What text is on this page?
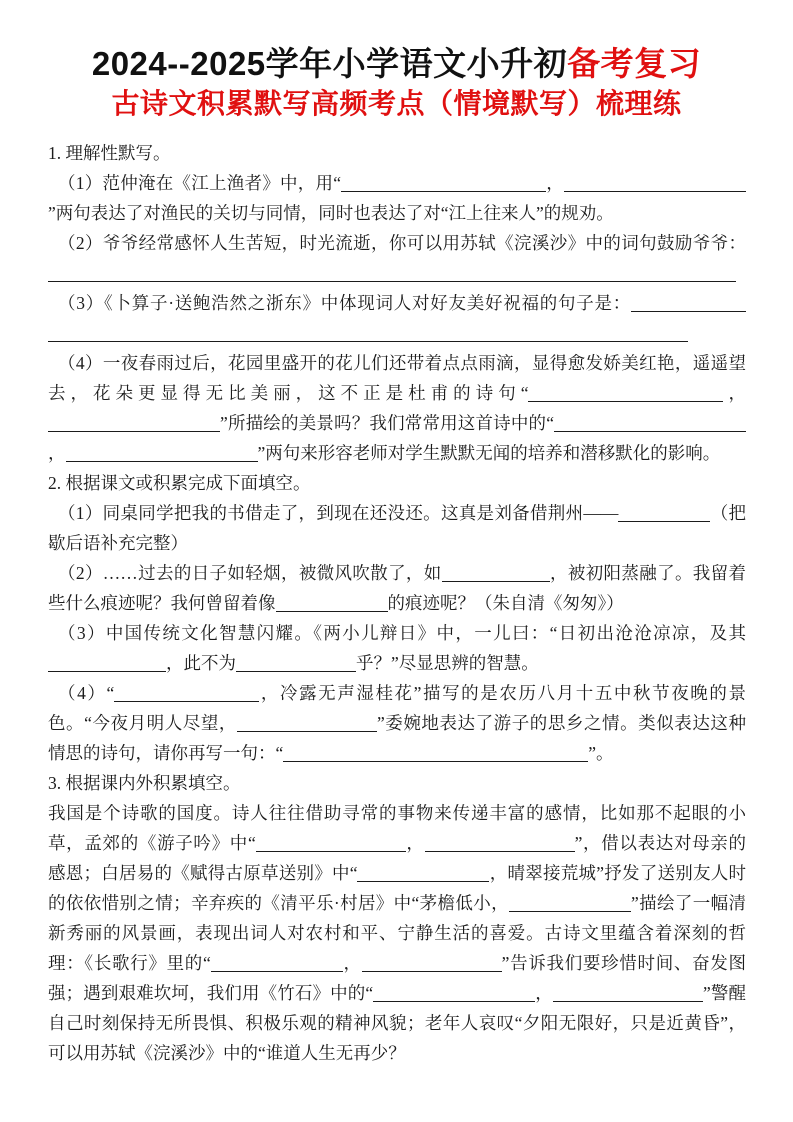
2024--2025学年小学语文小升初备考复习
古诗文积累默写高频考点（情境默写）梳理练

1. 理解性默写。

（1）范仲淹在《江上渔者》中，用“	，”两句表达了对渔民的关切与同情，同时也表达了对“江上往来人”的规劝。

（2）爷爷经常感怀人生苦短，时光流逝，你可以用苏轼《浣溪沙》中的词句鼓励爷爷：

（3）《卜算子·送鲍浩然之浙东》中体现词人对好友美好祝福的句子是：

（4）一夜春雨过后，花园里盛开的花儿们还带着点点雨滴，显得愈发娇美红艳，遥遥望去，花朵更显得无比美丽，这不正是杜甫的诗句“	，”所描绘的美景吗？我们常常用这首诗中的“，	”两句来形容老师对学生默默无闻的培养和潜移默化的影响。

2. 根据课文或积累完成下面填空。

（1）同桌同学把我的书借走了，到现在还没还。这真是刘备借荆州——	（把歇后语补充完整）

（2）……过去的日子如轻烟，被微风吹散了，如	，被初阳蒸融了。我留着些什么痕迹呢？我何曾留着像	的痕迹呢？（朱自清《匆匆》）

（3）中国传统文化智慧闪耀。《两小儿辩日》中，一儿曰：“日初出沧沧凉凉，及其，此不为	乎？”尽显思辨的智慧。

（4）“	，冷露无声湿桂花”描写的是农历八月十五中秋节夜晚的景色。“今夜月明人尽望，	”委婉地表达了游子的思乡之情。类似表达这种情思的诗句，请你再写一句：“	”。

3. 根据课内外积累填空。

我国是个诗歌的国度。诗人往往借助寻常的事物来传递丰富的感情，比如那不起眼的小草，孟郊的《游子吟》中“	，	”，借以表达对母亲的感恩；白居易的《赋得古原草送别》中“	，晴翠接荒城”抒发了送别友人时的依依惜别之情；辛弃疾的《清平乐·村居》中“茅檐低小，	”描绘了一幅清新秀丽的风景画，表现出词人对农村和平、宁静生活的喜爱。古诗文里蕴含着深刻的哲理：《长歌行》里的“	，	”告诉我们要珍惜时间、奋发图强；遇到艰难坎坷，我们用《竹石》中的“	，	”警醒自己时刻保持无所畏惧、积极乐观的精神风貌；老年人哀叹“夕阳无限好，只是近黄昏”，可以用苏轼《浣溪沙》中的“谁道人生无再少？
